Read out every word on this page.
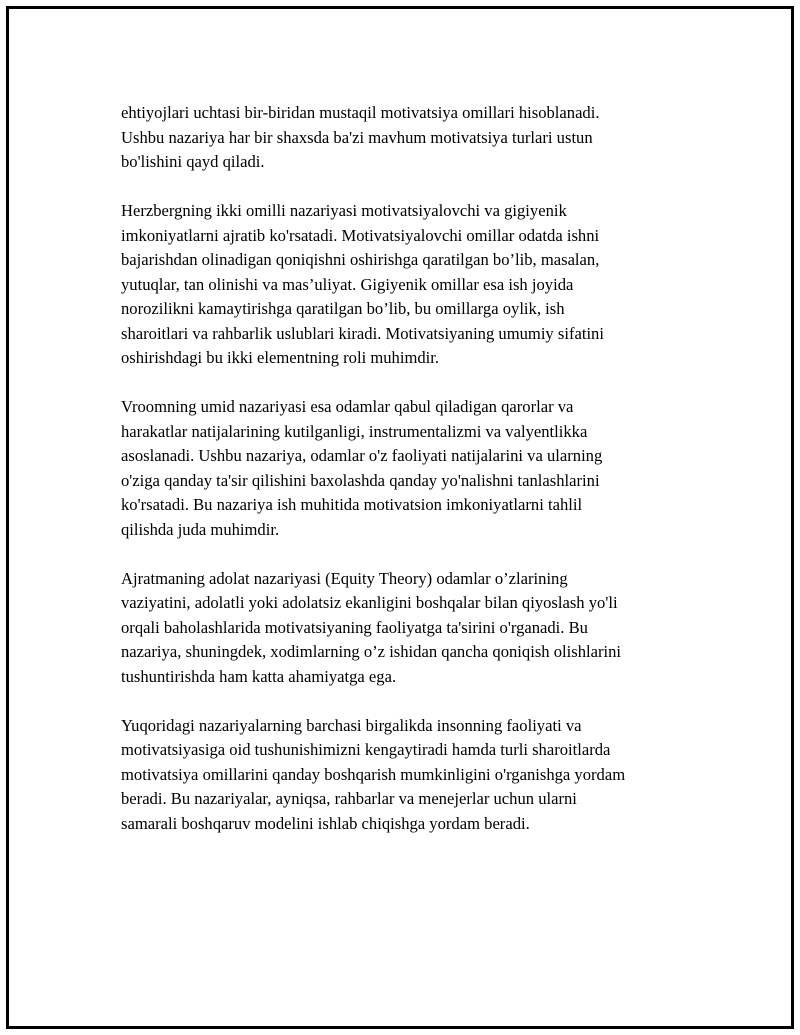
ehtiyojlari uchtasi bir-biridan mustaqil motivatsiya omillari hisoblanadi.
Ushbu nazariya har bir shaxsda ba'zi mavhum motivatsiya turlari ustun
bo'lishini qayd qiladi.

Herzbergning ikki omilli nazariyasi motivatsiyalovchi va gigiyenik
imkoniyatlarni ajratib ko'rsatadi. Motivatsiyalovchi omillar odatda ishni
bajarishdan olinadigan qoniqishni oshirishga qaratilgan bo’lib, masalan,
yutuqlar, tan olinishi va mas’uliyat. Gigiyenik omillar esa ish joyida
norozilikni kamaytirishga qaratilgan bo’lib, bu omillarga oylik, ish
sharoitlari va rahbarlik uslublari kiradi. Motivatsiyaning umumiy sifatini
oshirishdagi bu ikki elementning roli muhimdir.

Vroomning umid nazariyasi esa odamlar qabul qiladigan qarorlar va
harakatlar natijalarining kutilganligi, instrumentalizmi va valyentlikka
asoslanadi. Ushbu nazariya, odamlar o'z faoliyati natijalarini va ularning
o'ziga qanday ta'sir qilishini baxolashda qanday yo'nalishni tanlashlarini
ko'rsatadi. Bu nazariya ish muhitida motivatsion imkoniyatlarni tahlil
qilishda juda muhimdir.

Ajratmaning adolat nazariyasi (Equity Theory) odamlar o’zlarining
vaziyatini, adolatli yoki adolatsiz ekanligini boshqalar bilan qiyoslash yo'li
orqali baholashlarida motivatsiyaning faoliyatga ta'sirini o'rganadi. Bu
nazariya, shuningdek, xodimlarning o’z ishidan qancha qoniqish olishlarini
tushuntirishda ham katta ahamiyatga ega.

Yuqoridagi nazariyalarning barchasi birgalikda insonning faoliyati va
motivatsiyasiga oid tushunishimizni kengaytiradi hamda turli sharoitlarda
motivatsiya omillarini qanday boshqarish mumkinligini o'rganishga yordam
beradi. Bu nazariyalar, ayniqsa, rahbarlar va menejerlar uchun ularni
samarali boshqaruv modelini ishlab chiqishga yordam beradi.
